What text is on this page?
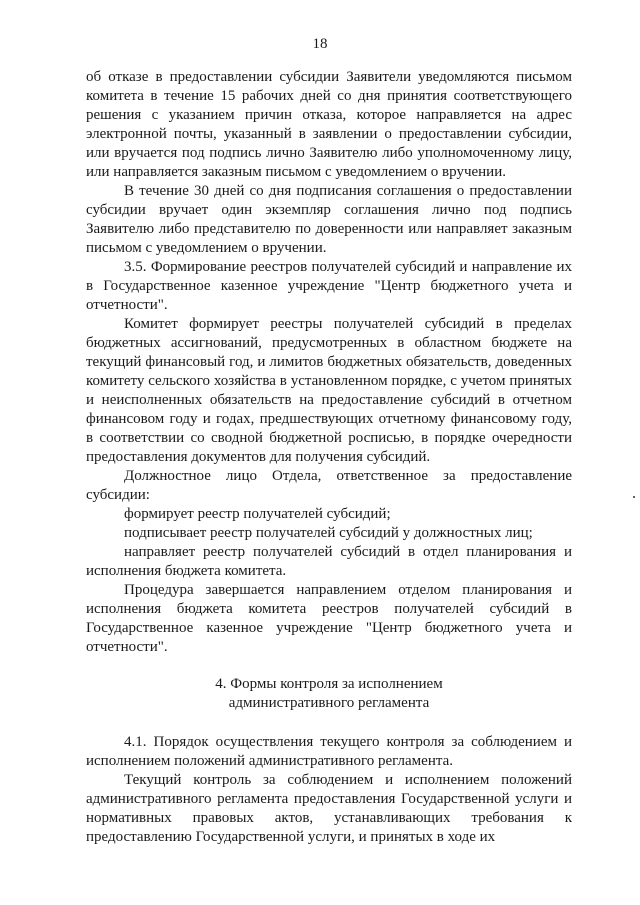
18

об отказе в предоставлении субсидии Заявители уведомляются письмом комитета в течение 15 рабочих дней со дня принятия соответствующего решения с указанием причин отказа, которое направляется на адрес электронной почты, указанный в заявлении о предоставлении субсидии, или вручается под подпись лично Заявителю либо уполномоченному лицу, или направляется заказным письмом с уведомлением о вручении.

В течение 30 дней со дня подписания соглашения о предоставлении субсидии вручает один экземпляр соглашения лично под подпись Заявителю либо представителю по доверенности или направляет заказным письмом с уведомлением о вручении.

3.5. Формирование реестров получателей субсидий и направление их в Государственное казенное учреждение "Центр бюджетного учета и отчетности".

Комитет формирует реестры получателей субсидий в пределах бюджетных ассигнований, предусмотренных в областном бюджете на текущий финансовый год, и лимитов бюджетных обязательств, доведенных комитету сельского хозяйства в установленном порядке, с учетом принятых и неисполненных обязательств на предоставление субсидий в отчетном финансовом году и годах, предшествующих отчетному финансовому году, в соответствии со сводной бюджетной росписью, в порядке очередности предоставления документов для получения субсидий.

Должностное лицо Отдела, ответственное за предоставление субсидии:

формирует реестр получателей субсидий;

подписывает реестр получателей субсидий у должностных лиц;

направляет реестр получателей субсидий в отдел планирования и исполнения бюджета комитета.

Процедура завершается направлением отделом планирования и исполнения бюджета комитета реестров получателей субсидий в Государственное казенное учреждение "Центр бюджетного учета и отчетности".

4. Формы контроля за исполнением
административного регламента

4.1. Порядок осуществления текущего контроля за соблюдением и исполнением положений административного регламента.

Текущий контроль за соблюдением и исполнением положений административного регламента предоставления Государственной услуги и нормативных правовых актов, устанавливающих требования к предоставлению Государственной услуги, и принятых в ходе их
